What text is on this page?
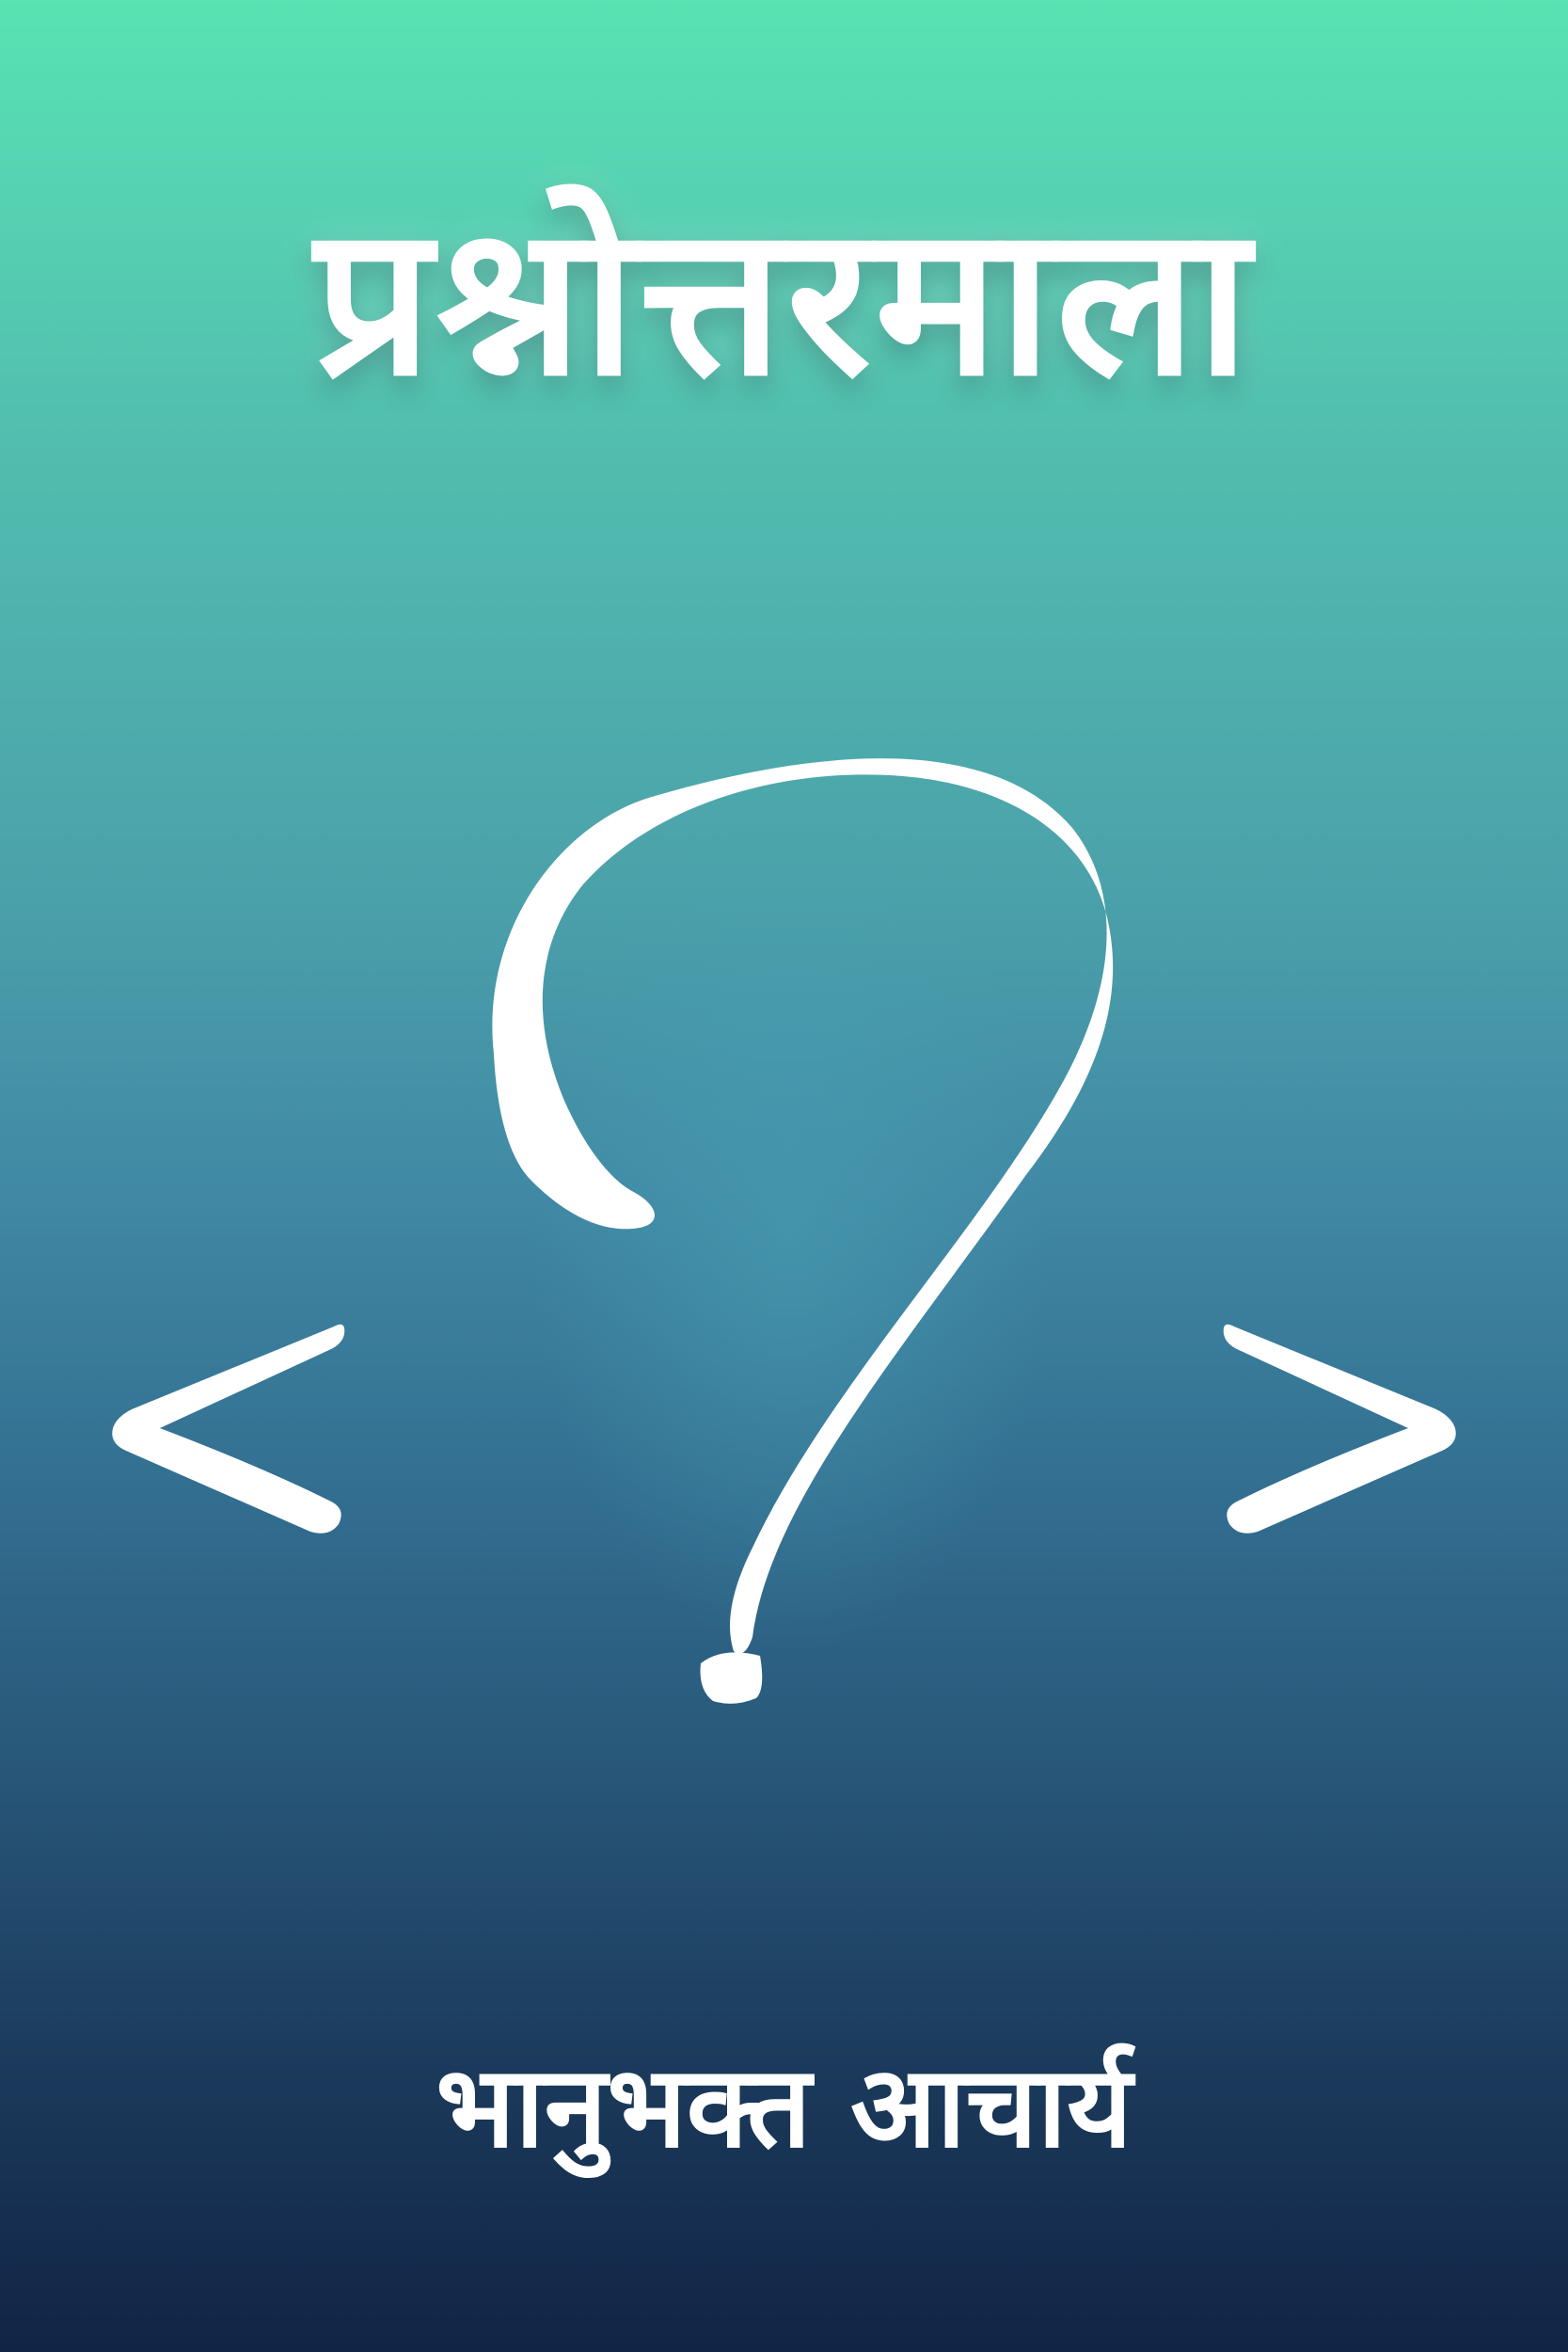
प्रश्नोत्तरमाला
भानुभक्त आचार्य
